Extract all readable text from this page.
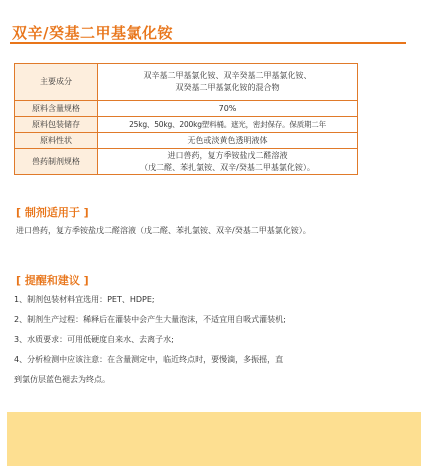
双辛/癸基二甲基氯化铵
主要成分	双辛基二甲基氯化铵、双辛癸基二甲基氯化铵、
双癸基二甲基氯化铵的混合物

原料含量规格	70%

原料包装储存	25kg、50kg、200kg塑料桶。遮光，密封保存。保质期二年

原料性状	无色或淡黄色透明液体

兽药制剂规格	进口兽药，复方季铵盐戊二醛溶液
（戊二醛、苯扎氯铵、双辛/癸基二甲基氯化铵）。
[ 制剂适用于 ]
进口兽药，复方季铵盐戊二醛溶液（戊二醛、苯扎氯铵、双辛/癸基二甲基氯化铵）。
[ 提醒和建议 ]
1、制剂包装材料宜选用：PET、HDPE;
2、制剂生产过程：稀释后在灌装中会产生大量泡沫，不适宜用自吸式灌装机;
3、水质要求：可用低硬度自来水、去离子水;
4、分析检测中应该注意：在含量测定中，临近终点时，要慢滴，多振摇，直
到氯仿层蓝色褪去为终点。
